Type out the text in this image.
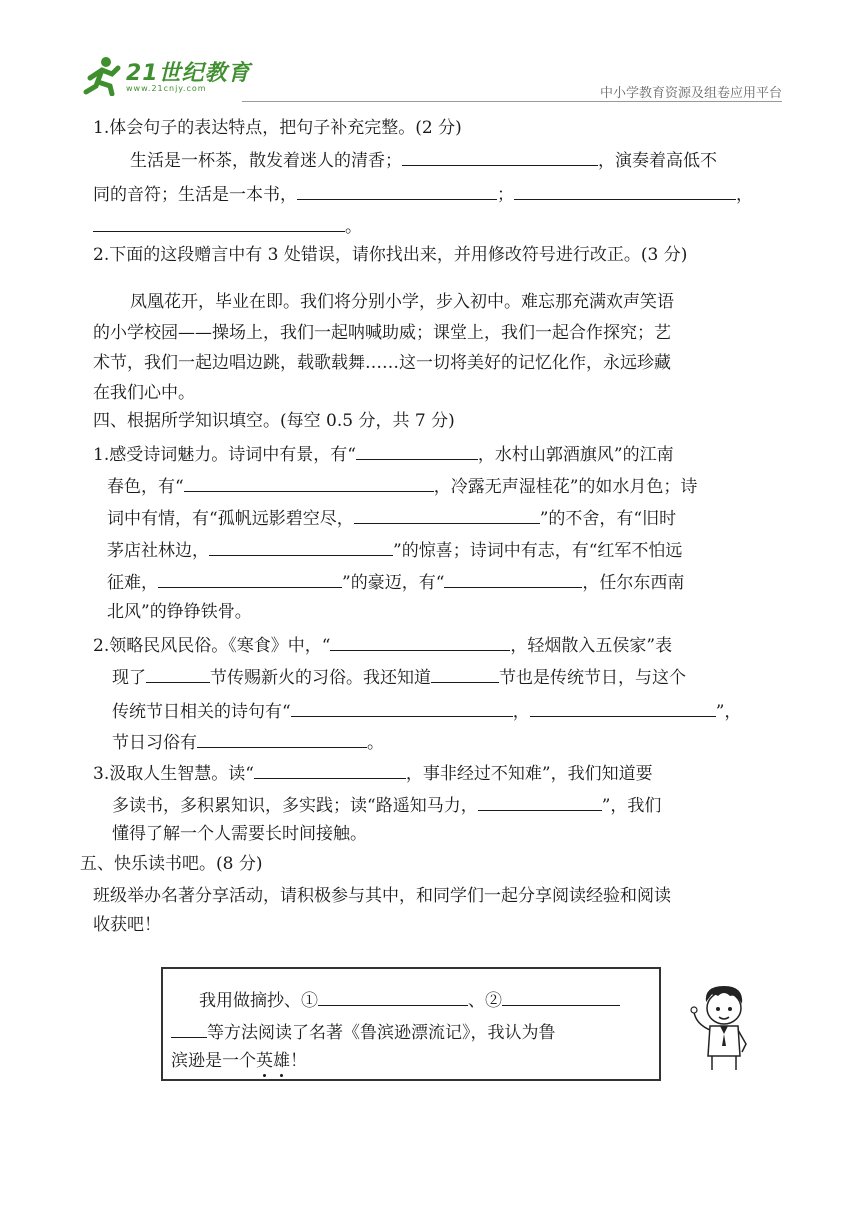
21世纪教育
www.21cnjy.com	中小学教育资源及组卷应用平台
1.体会句子的表达特点，把句子补充完整。(2 分)
生活是一杯茶，散发着迷人的清香；	，演奏着高低不
同的音符；生活是一本书，	；	，
。
2.下面的这段赠言中有 3 处错误，请你找出来，并用修改符号进行改正。(3 分)
凤凰花开，毕业在即。我们将分别小学，步入初中。难忘那充满欢声笑语
的小学校园——操场上，我们一起呐喊助威；课堂上，我们一起合作探究；艺
术节，我们一起边唱边跳，载歌载舞……这一切将美好的记忆化作，永远珍藏
在我们心中。
四、根据所学知识填空。(每空 0.5 分，共 7 分)
1.感受诗词魅力。诗词中有景，有“	，水村山郭酒旗风”的江南
春色，有“	，冷露无声湿桂花”的如水月色；诗
词中有情，有“孤帆远影碧空尽，	”的不舍，有“旧时
茅店社林边，	”的惊喜；诗词中有志，有“红军不怕远
征难，	”的豪迈，有“	，任尔东西南
北风”的铮铮铁骨。
2.领略民风民俗。《寒食》中，“	，轻烟散入五侯家”表
现了	节传赐新火的习俗。我还知道	节也是传统节日，与这个
传统节日相关的诗句有“	，	”，
节日习俗有	。
3.汲取人生智慧。读“	，事非经过不知难”，我们知道要
多读书，多积累知识，多实践；读“路遥知马力，	”，我们
懂得了解一个人需要长时间接触。
五、快乐读书吧。(8 分)
班级举办名著分享活动，请积极参与其中，和同学们一起分享阅读经验和阅读
收获吧！
我用做摘抄、①	、②
等方法阅读了名著《鲁滨逊漂流记》，我认为鲁
滨逊是一个英雄！
